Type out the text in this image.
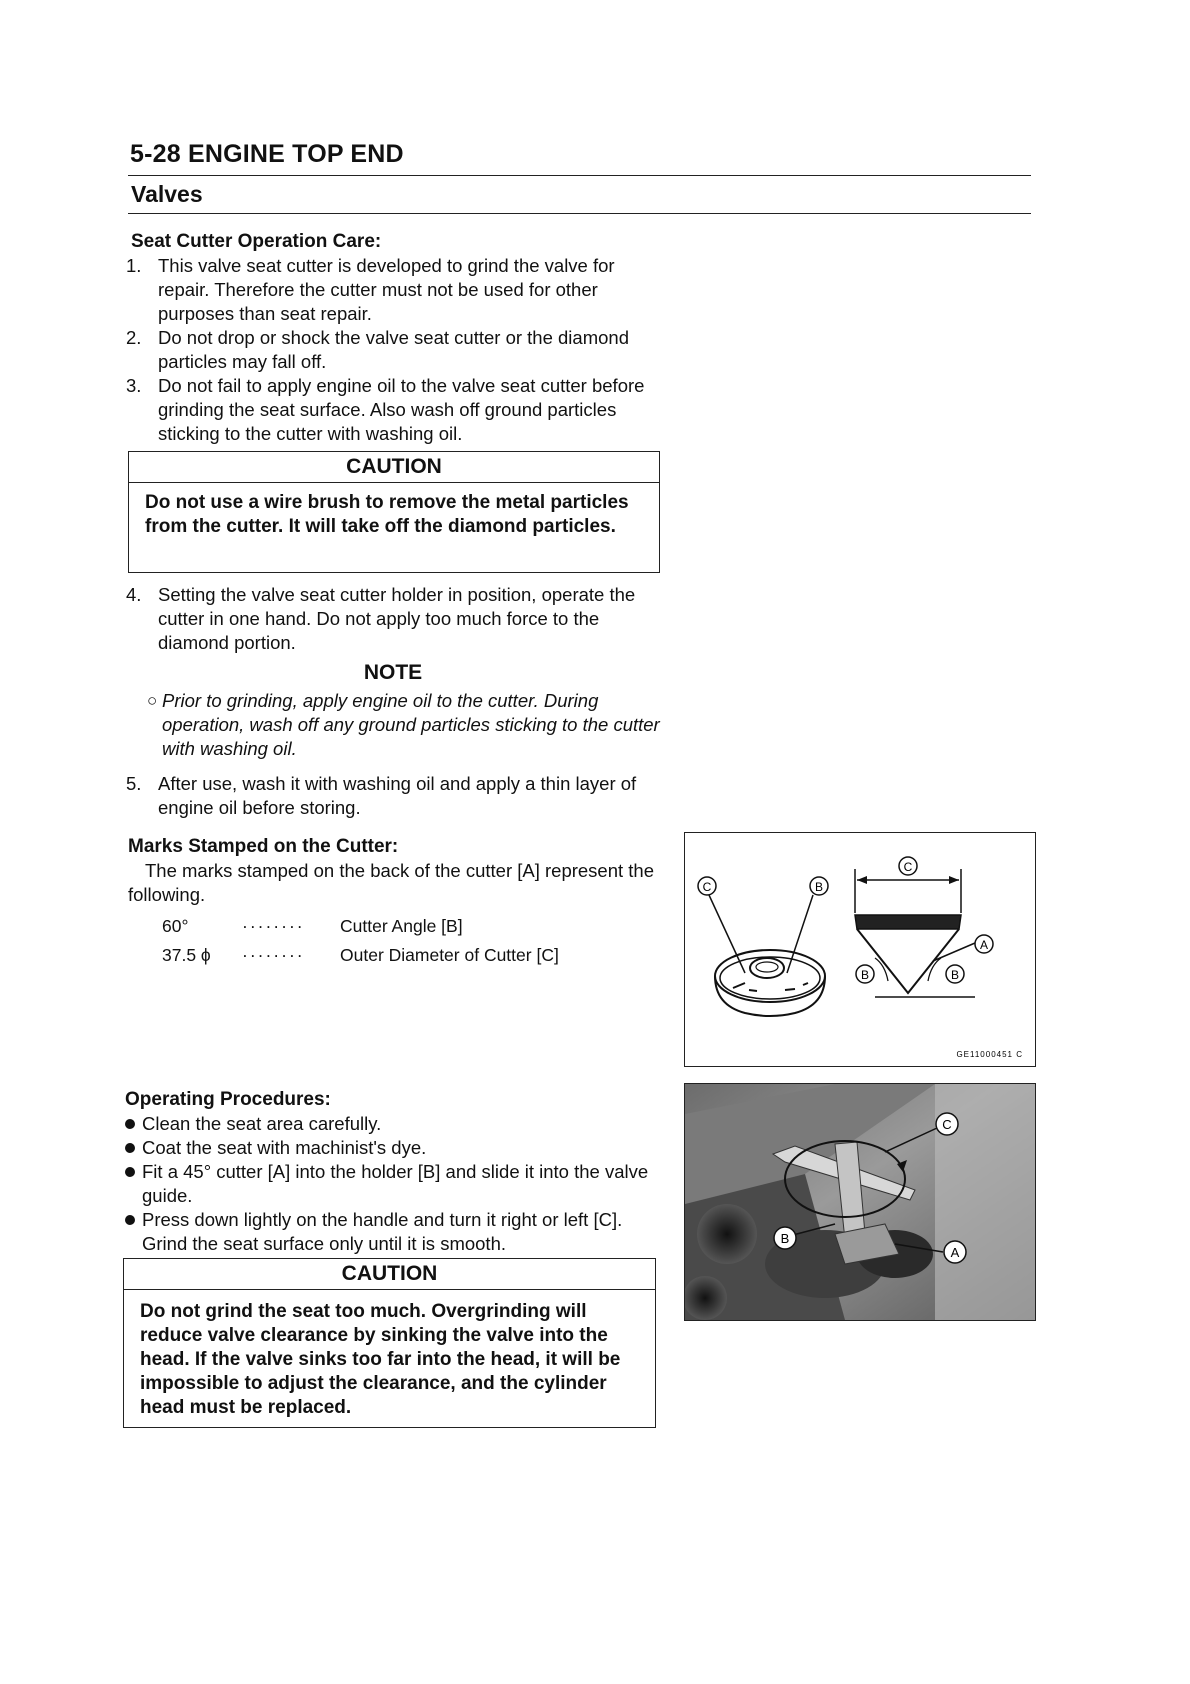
5-28 ENGINE TOP END
Valves
Seat Cutter Operation Care:
1. This valve seat cutter is developed to grind the valve for repair. Therefore the cutter must not be used for other purposes than seat repair.
2. Do not drop or shock the valve seat cutter or the diamond particles may fall off.
3. Do not fail to apply engine oil to the valve seat cutter before grinding the seat surface. Also wash off ground particles sticking to the cutter with washing oil.
CAUTION
Do not use a wire brush to remove the metal particles from the cutter. It will take off the diamond particles.
4. Setting the valve seat cutter holder in position, operate the cutter in one hand. Do not apply too much force to the diamond portion.
NOTE
○ Prior to grinding, apply engine oil to the cutter. During operation, wash off any ground particles sticking to the cutter with washing oil.
5. After use, wash it with washing oil and apply a thin layer of engine oil before storing.
Marks Stamped on the Cutter:
The marks stamped on the back of the cutter [A] represent the following.
60°	········ Cutter Angle [B]
37.5 ϕ ········ Outer Diameter of Cutter [C]
C	B
C
A
B	B
GE11000451 C
Operating Procedures:
Clean the seat area carefully.
Coat the seat with machinist's dye.
Fit a 45° cutter [A] into the holder [B] and slide it into the valve guide.
Press down lightly on the handle and turn it right or left [C]. Grind the seat surface only until it is smooth.
CAUTION
Do not grind the seat too much. Overgrinding will reduce valve clearance by sinking the valve into the head. If the valve sinks too far into the head, it will be impossible to adjust the clearance, and the cylinder head must be replaced.
C
B
A
